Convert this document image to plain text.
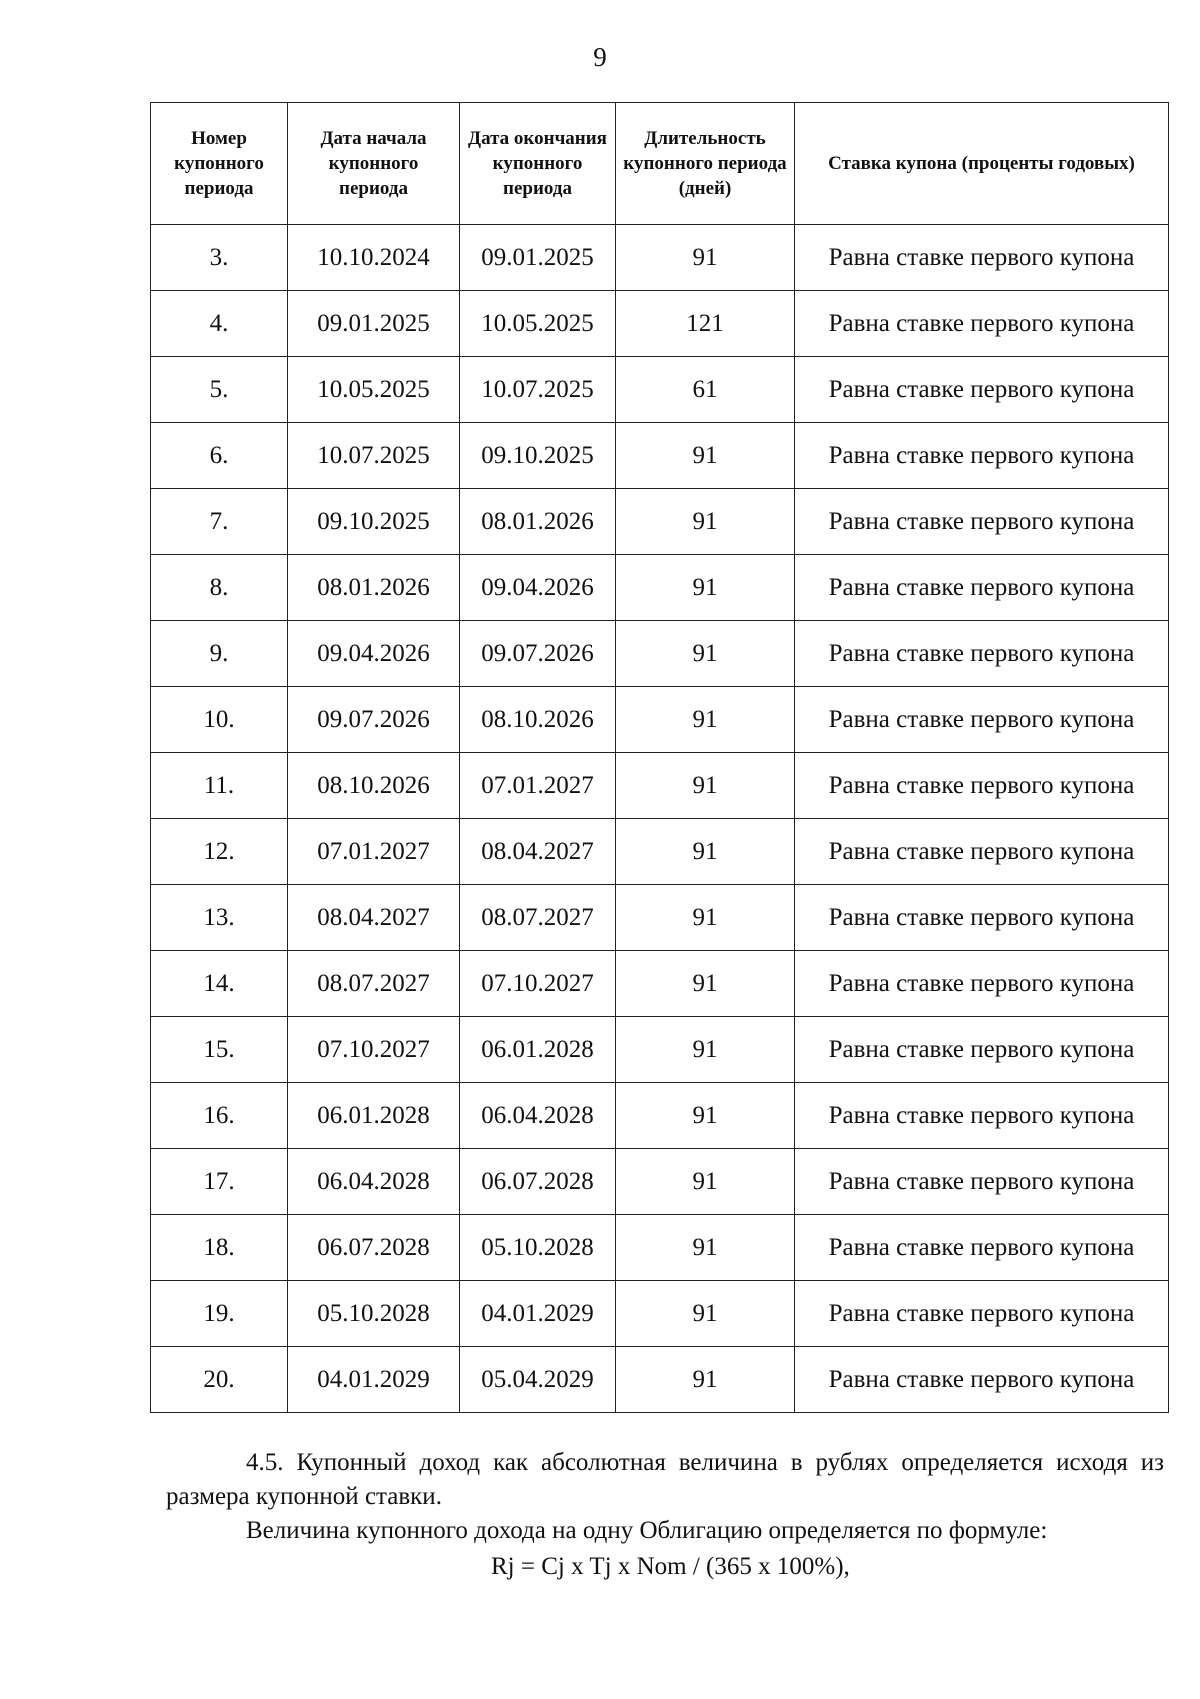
9
Номер купонного периода	Дата начала купонного периода	Дата окончания купонного периода	Длительность купонного периода (дней)	Ставка купона (проценты годовых)
3.	10.10.2024	09.01.2025	91	Равна ставке первого купона
4.	09.01.2025	10.05.2025	121	Равна ставке первого купона
5.	10.05.2025	10.07.2025	61	Равна ставке первого купона
6.	10.07.2025	09.10.2025	91	Равна ставке первого купона
7.	09.10.2025	08.01.2026	91	Равна ставке первого купона
8.	08.01.2026	09.04.2026	91	Равна ставке первого купона
9.	09.04.2026	09.07.2026	91	Равна ставке первого купона
10.	09.07.2026	08.10.2026	91	Равна ставке первого купона
11.	08.10.2026	07.01.2027	91	Равна ставке первого купона
12.	07.01.2027	08.04.2027	91	Равна ставке первого купона
13.	08.04.2027	08.07.2027	91	Равна ставке первого купона
14.	08.07.2027	07.10.2027	91	Равна ставке первого купона
15.	07.10.2027	06.01.2028	91	Равна ставке первого купона
16.	06.01.2028	06.04.2028	91	Равна ставке первого купона
17.	06.04.2028	06.07.2028	91	Равна ставке первого купона
18.	06.07.2028	05.10.2028	91	Равна ставке первого купона
19.	05.10.2028	04.01.2029	91	Равна ставке первого купона
20.	04.01.2029	05.04.2029	91	Равна ставке первого купона

4.5. Купонный доход как абсолютная величина в рублях определяется исходя из размера купонной ставки.

Величина купонного дохода на одну Облигацию определяется по формуле:

Rj = Cj x Tj x Nom / (365 x 100%),
